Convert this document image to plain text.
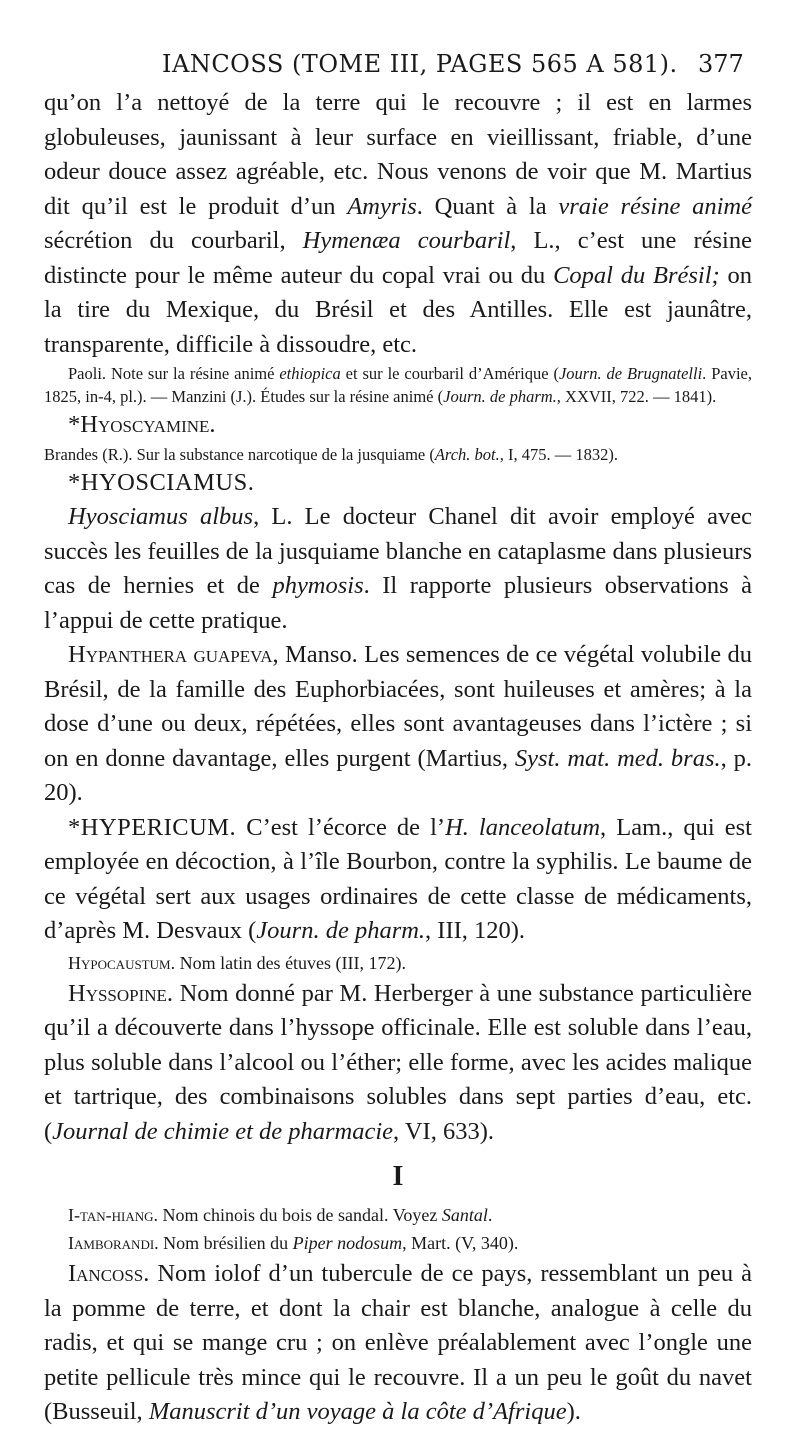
IANCOSS (TOME III, PAGES 565 A 581). 377

qu’on l’a nettoyé de la terre qui le recouvre ; il est en larmes globuleuses, jaunissant à leur surface en vieillissant, friable, d’une odeur douce assez agréable, etc. Nous venons de voir que M. Martius dit qu’il est le produit d’un Amyris. Quant à la vraie résine animé sécrétion du courbaril, Hymenæa courbaril, L., c’est une résine distincte pour le même auteur du copal vrai ou du Copal du Brésil; on la tire du Mexique, du Brésil et des Antilles. Elle est jaunâtre, transparente, difficile à dissoudre, etc.

Paoli. Note sur la résine animé ethiopica et sur le courbaril d’Amérique (Journ. de Brugnatelli. Pavie, 1825, in-4, pl.). — Manzini (J.). Études sur la résine animé (Journ. de pharm., XXVII, 722. — 1841).

*Hyoscyamine.

Brandes (R.). Sur la substance narcotique de la jusquiame (Arch. bot., I, 475. — 1832).

*HYOSCIAMUS.

Hyosciamus albus, L. Le docteur Chanel dit avoir employé avec succès les feuilles de la jusquiame blanche en cataplasme dans plusieurs cas de hernies et de phymosis. Il rapporte plusieurs observations à l’appui de cette pratique.

Hypanthera guapeva, Manso. Les semences de ce végétal volubile du Brésil, de la famille des Euphorbiacées, sont huileuses et amères; à la dose d’une ou deux, répétées, elles sont avantageuses dans l’ictère ; si on en donne davantage, elles purgent (Martius, Syst. mat. med. bras., p. 20).

*HYPERICUM. C’est l’écorce de l’H. lanceolatum, Lam., qui est employée en décoction, à l’île Bourbon, contre la syphilis. Le baume de ce végétal sert aux usages ordinaires de cette classe de médicaments, d’après M. Desvaux (Journ. de pharm., III, 120).

Hypocaustum. Nom latin des étuves (III, 172).

Hyssopine. Nom donné par M. Herberger à une substance particulière qu’il a découverte dans l’hyssope officinale. Elle est soluble dans l’eau, plus soluble dans l’alcool ou l’éther; elle forme, avec les acides malique et tartrique, des combinaisons solubles dans sept parties d’eau, etc. (Journal de chimie et de pharmacie, VI, 633).

I

I-tan-hiang. Nom chinois du bois de sandal. Voyez Santal.

Iamborandi. Nom brésilien du Piper nodosum, Mart. (V, 340).

Iancoss. Nom iolof d’un tubercule de ce pays, ressemblant un peu à la pomme de terre, et dont la chair est blanche, analogue à celle du radis, et qui se mange cru ; on enlève préalablement avec l’ongle une petite pellicule très mince qui le recouvre. Il a un peu le goût du navet (Busseuil, Manuscrit d’un voyage à la côte d’Afrique).
